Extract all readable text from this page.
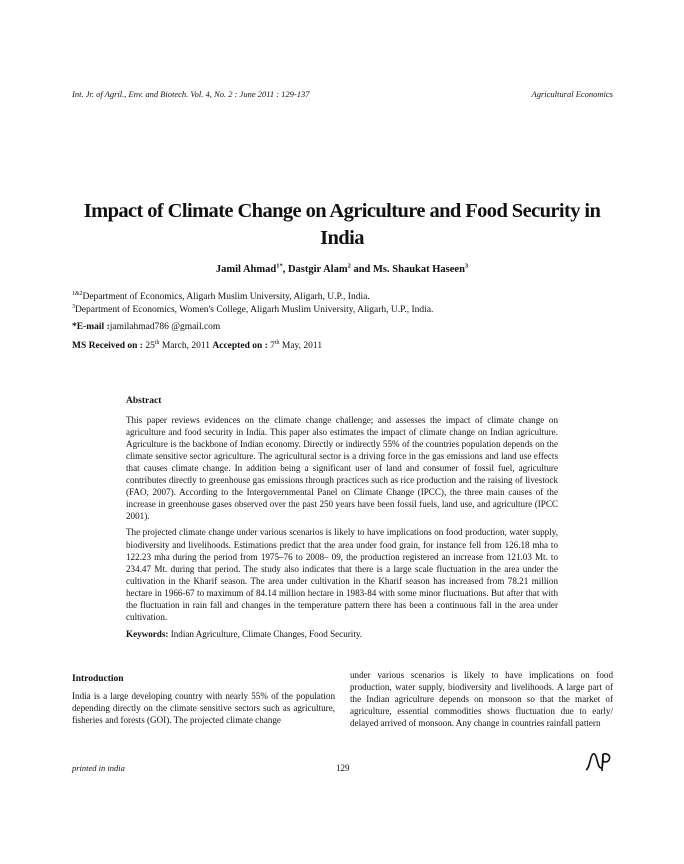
Int. Jr. of Agril., Env. and Biotech. Vol. 4, No. 2 : June 2011 : 129-137	Agricultural Economics
Impact of Climate Change on Agriculture and Food Security in India
Jamil Ahmad$^{1*}$, Dastgir Alam$^2$ and Ms. Shaukat Haseen$^3$
$^{1\&2}$Department of Economics, Aligarh Muslim University, Aligarh, U.P., India.
$^3$Department of Economics, Women's College, Aligarh Muslim University, Aligarh, U.P., India.
*E-mail :jamilahmad786 @gmail.com
MS Received on : 25th March, 2011 Accepted on : 7th May, 2011
Abstract

This paper reviews evidences on the climate change challenge; and assesses the impact of climate change on agriculture and food security in India. This paper also estimates the impact of climate change on Indian agriculture. Agriculture is the backbone of Indian economy. Directly or indirectly 55% of the countries population depends on the climate sensitive sector agriculture. The agricultural sector is a driving force in the gas emissions and land use effects that causes climate change. In addition being a significant user of land and consumer of fossil fuel, agriculture contributes directly to greenhouse gas emissions through practices such as rice production and the raising of livestock (FAO, 2007). According to the Intergovernmental Panel on Climate Change (IPCC), the three main causes of the increase in greenhouse gases observed over the past 250 years have been fossil fuels, land use, and agriculture (IPCC 2001).

The projected climate change under various scenarios is likely to have implications on food production, water supply, biodiversity and livelihoods. Estimations predict that the area under food grain, for instance fell from 126.18 mha to 122.23 mha during the period from 1975–76 to 2008– 09, the production registered an increase from 121.03 Mt. to 234.47 Mt. during that period. The study also indicates that there is a large scale fluctuation in the area under the cultivation in the Kharif season. The area under cultivation in the Kharif season has increased from 78.21 million hectare in 1966-67 to maximum of 84.14 million hectare in 1983-84 with some minor fluctuations. But after that with the fluctuation in rain fall and changes in the temperature pattern there has been a continuous fall in the area under cultivation.

Keywords: Indian Agriculture, Climate Changes, Food Security.
Introduction

India is a large developing country with nearly 55% of the population depending directly on the climate sensitive sectors such as agriculture, fisheries and forests (GOI). The projected climate change

under various scenarios is likely to have implications on food production, water supply, biodiversity and livelihoods. A large part of the Indian agriculture depends on monsoon so that the market of agriculture, essential commodities shows fluctuation due to early/ delayed arrived of monsoon. Any change in countries rainfall pattern

printed in india	129
